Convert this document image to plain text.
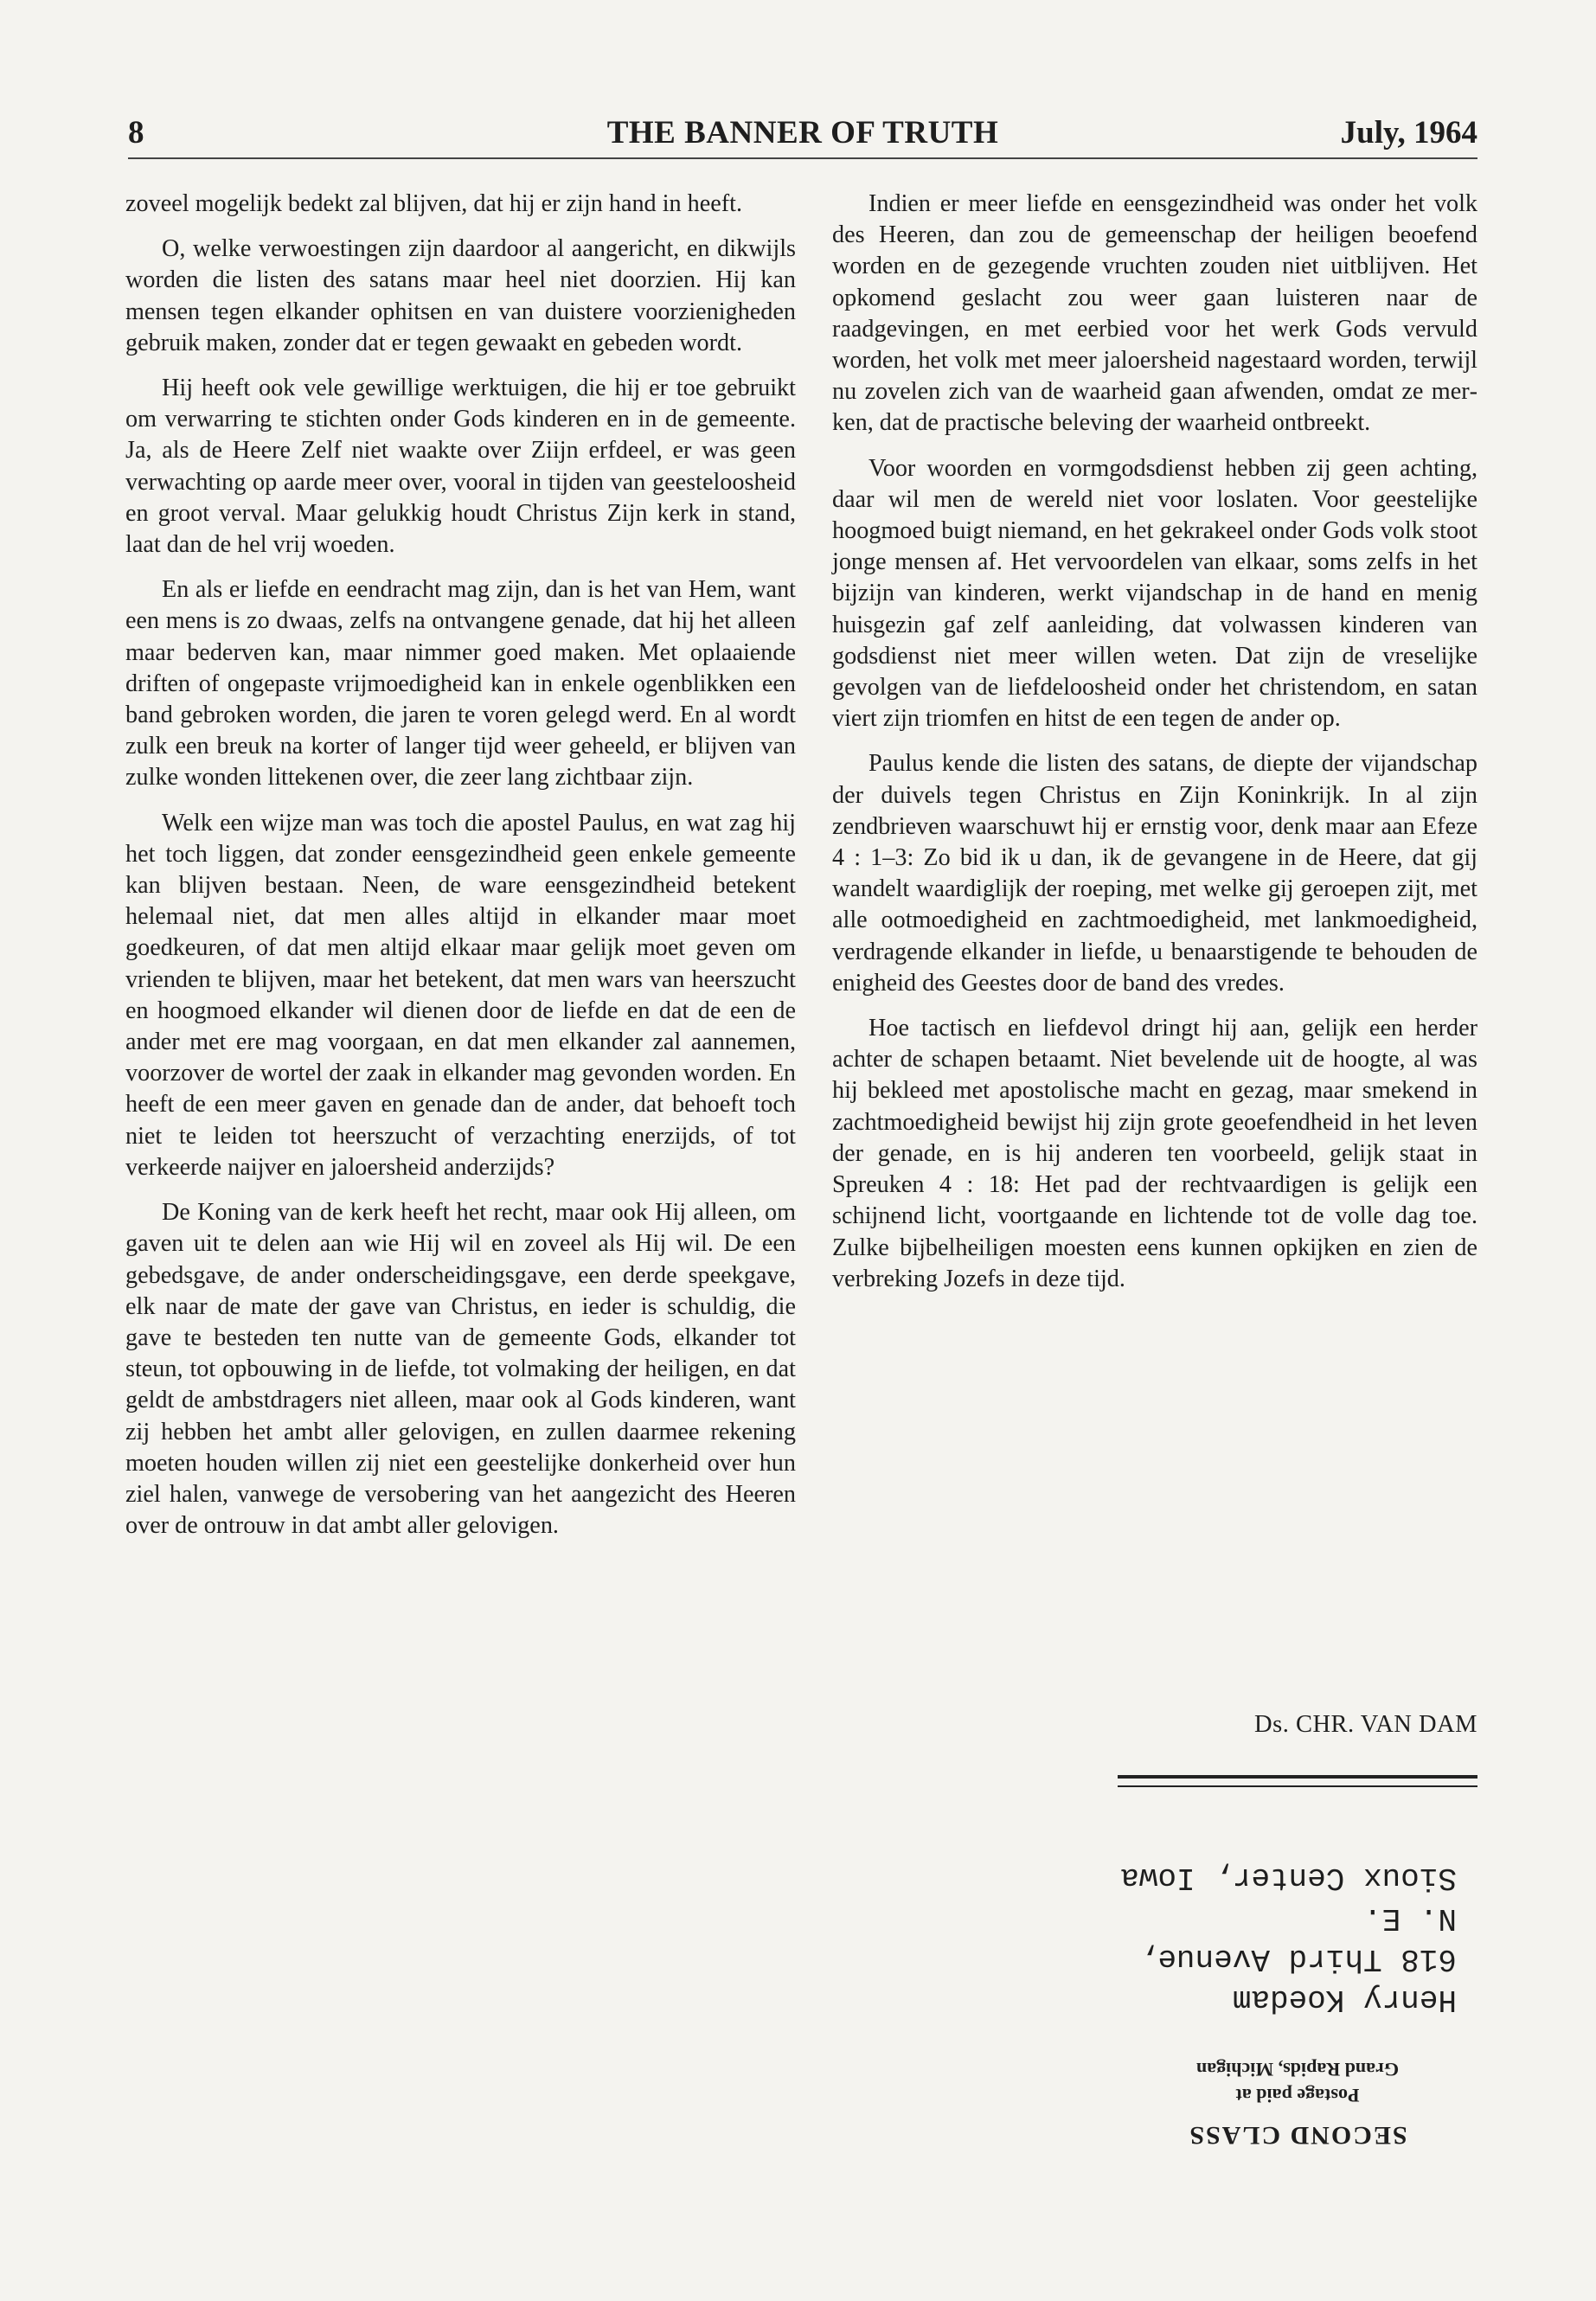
8	THE BANNER OF TRUTH	July, 1964

zoveel mogelijk bedekt zal blijven, dat hij er zijn hand in heeft.

O, welke verwoestingen zijn daardoor al aangericht, en dikwijls worden die listen des satans maar heel niet doorzien. Hij kan mensen tegen elkander ophitsen en van duistere voorzienigheden gebruik maken, zonder dat er tegen gewaakt en gebeden wordt.

Hij heeft ook vele gewillige werktuigen, die hij er toe gebruikt om verwarring te stichten onder Gods kinderen en in de gemeente. Ja, als de Heere Zelf niet waakte over Ziijn erfdeel, er was geen verwachting op aarde meer over, vooral in tijden van geesteloosheid en groot verval. Maar gelukkig houdt Christus Zijn kerk in stand, laat dan de hel vrij woeden.

En als er liefde en eendracht mag zijn, dan is het van Hem, want een mens is zo dwaas, zelfs na ontvangene genade, dat hij het alleen maar bederven kan, maar nimmer goed maken. Met oplaaiende driften of ongepaste vrijmoedigheid kan in enkele ogenblikken een band gebroken worden, die jaren te voren gelegd werd. En al wordt zulk een breuk na korter of langer tijd weer geheeld, er blijven van zulke wonden littekenen over, die zeer lang zichtbaar zijn.

Welk een wijze man was toch die apostel Paulus, en wat zag hij het toch liggen, dat zonder eensgezindheid geen enkele gemeente kan blijven bestaan. Neen, de ware eensgezindheid betekent helemaal niet, dat men alles altijd in elkander maar moet goedkeuren, of dat men altijd elkaar maar gelijk moet geven om vrienden te blijven, maar het betekent, dat men wars van heerszucht en hoogmoed elkander wil dienen door de liefde en dat de een de ander met ere mag voorgaan, en dat men elkander zal aannemen, voorzover de wortel der zaak in elkander mag gevonden worden. En heeft de een meer gaven en genade dan de ander, dat behoeft toch niet te leiden tot heerszucht of verzachting enerzijds, of tot verkeerde naijver en jaloersheid anderzijds?

De Koning van de kerk heeft het recht, maar ook Hij alleen, om gaven uit te delen aan wie Hij wil en zoveel als Hij wil. De een gebedsgave, de ander onderscheidingsgave, een derde speekgave, elk naar de mate der gave van Christus, en ieder is schuldig, die gave te besteden ten nutte van de gemeente Gods, elkander tot steun, tot opbouwing in de liefde, tot volmaking der heiligen, en dat geldt de ambstdragers niet alleen, maar ook al Gods kinderen, want zij hebben het ambt aller gelovigen, en zullen daarmee rekening moeten houden willen zij niet een geestelijke donkerheid over hun ziel halen, vanwege de versobering van het aangezicht des Heeren over de ontrouw in dat ambt aller gelovigen.

Indien er meer liefde en eensgezindheid was onder het volk des Heeren, dan zou de gemeenschap der heiligen beoefend worden en de gezegende vruchten zouden niet uitblijven. Het opkomend geslacht zou weer gaan luisteren naar de raadgevingen, en met eerbied voor het werk Gods vervuld worden, het volk met meer jaloersheid nagestaard worden, terwijl nu zovelen zich van de waarheid gaan afwenden, omdat ze merken, dat de practische beleving der waarheid ontbreekt.

Voor woorden en vormgodsdienst hebben zij geen achting, daar wil men de wereld niet voor loslaten. Voor geestelijke hoogmoed buigt niemand, en het gekrakeel onder Gods volk stoot jonge mensen af. Het vervoordelen van elkaar, soms zelfs in het bijzijn van kinderen, werkt vijandschap in de hand en menig huisgezin gaf zelf aanleiding, dat volwassen kinderen van godsdienst niet meer willen weten. Dat zijn de vreselijke gevolgen van de liefdeloosheid onder het christendom, en satan viert zijn triomfen en hitst de een tegen de ander op.

Paulus kende die listen des satans, de diepte der vijandschap der duivels tegen Christus en Zijn Koninkrijk. In al zijn zendbrieven waarschuwt hij er ernstig voor, denk maar aan Efeze 4 : 1–3: Zo bid ik u dan, ik de gevangene in de Heere, dat gij wandelt waardiglijk der roeping, met welke gij geroepen zijt, met alle ootmoedigheid en zachtmoedigheid, met lankmoedigheid, verdragende elkander in liefde, u benaarstigende te behouden de enigheid des Geestes door de band des vredes.

Hoe tactisch en liefdevol dringt hij aan, gelijk een herder achter de schapen betaamt. Niet bevelende uit de hoogte, al was hij bekleed met apostolische macht en gezag, maar smekend in zachtmoedigheid bewijst hij zijn grote geoefendheid in het leven der genade, en is hij anderen ten voorbeeld, gelijk staat in Spreuken 4 : 18: Het pad der rechtvaardigen is gelijk een schijnend licht, voortgaande en lichtende tot de volle dag toe. Zulke bijbelheiligen moesten eens kunnen opkijken en zien de verbreking Jozefs in deze tijd.

Ds. CHR. VAN DAM
SECOND CLASS
Postage paid at
Grand Rapids, Michigan
Henry Koedam
618 Third Avenue, N. E.
Sioux Center, Iowa
